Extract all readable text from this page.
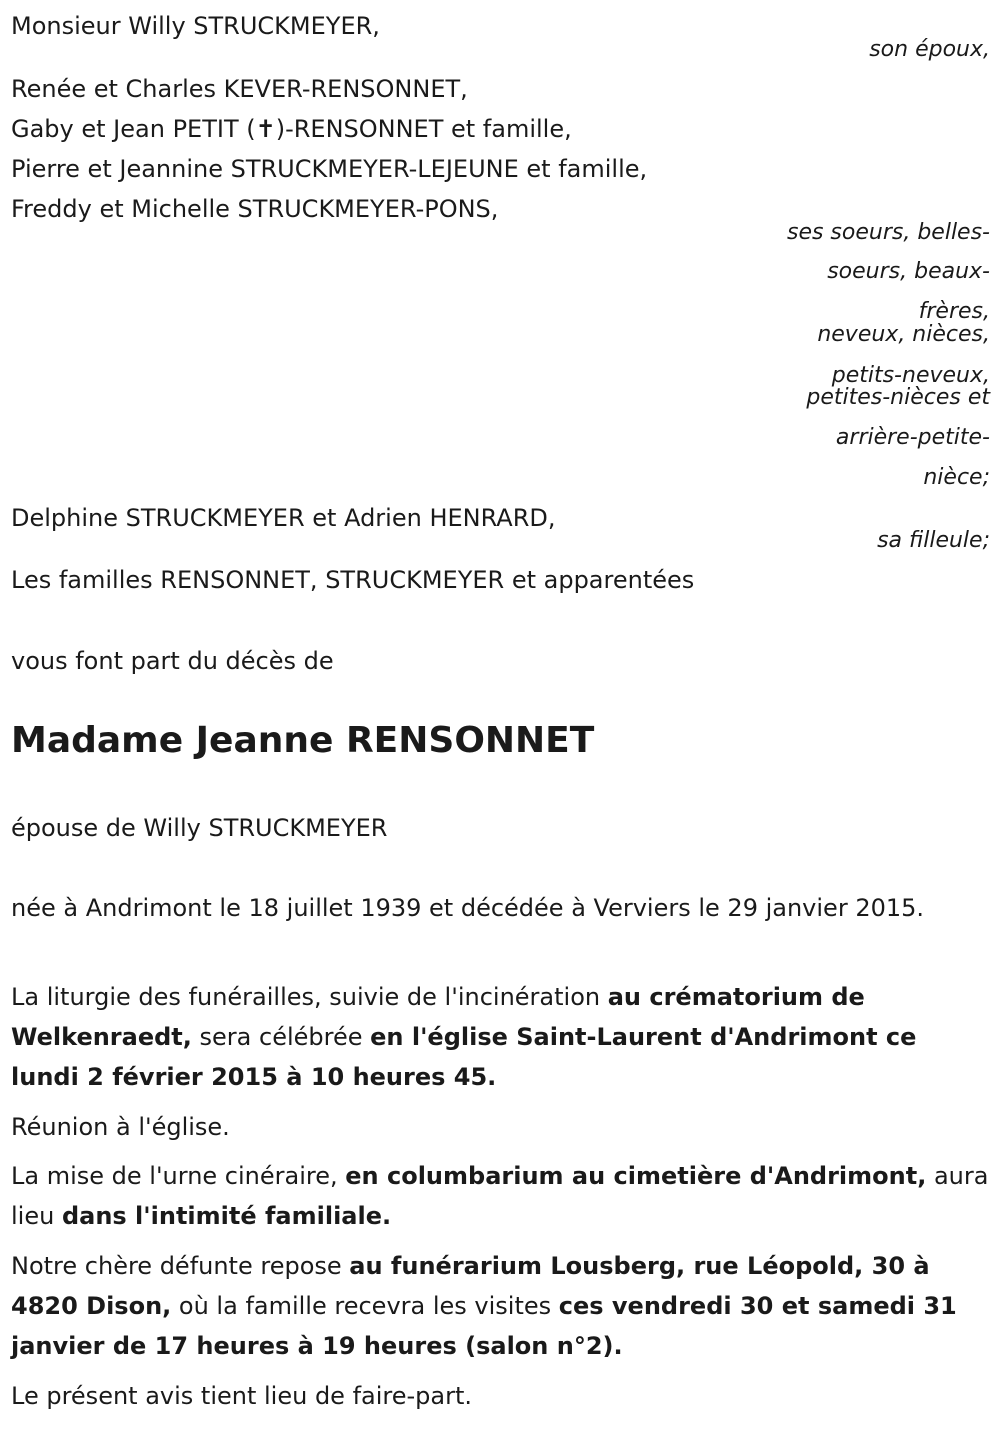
Monsieur Willy STRUCKMEYER,
son époux,
Renée et Charles KEVER-RENSONNET,
Gaby et Jean PETIT (✝)-RENSONNET et famille,
Pierre et Jeannine STRUCKMEYER-LEJEUNE et famille,
Freddy et Michelle STRUCKMEYER-PONS,
ses soeurs, belles-
soeurs, beaux-
frères,
neveux, nièces,
petits-neveux,
petites-nièces et
arrière-petite-
nièce;
Delphine STRUCKMEYER et Adrien HENRARD,
sa filleule;
Les familles RENSONNET, STRUCKMEYER et apparentées
vous font part du décès de
Madame Jeanne RENSONNET
épouse de Willy STRUCKMEYER
née à Andrimont le 18 juillet 1939 et décédée à Verviers le 29 janvier 2015.
La liturgie des funérailles, suivie de l'incinération au crématorium de Welkenraedt, sera célébrée en l'église Saint-Laurent d'Andrimont ce lundi 2 février 2015 à 10 heures 45.
Réunion à l'église.
La mise de l'urne cinéraire, en columbarium au cimetière d'Andrimont, aura lieu dans l'intimité familiale.
Notre chère défunte repose au funérarium Lousberg, rue Léopold, 30 à 4820 Dison, où la famille recevra les visites ces vendredi 30 et samedi 31 janvier de 17 heures à 19 heures (salon n°2).
Le présent avis tient lieu de faire-part.
